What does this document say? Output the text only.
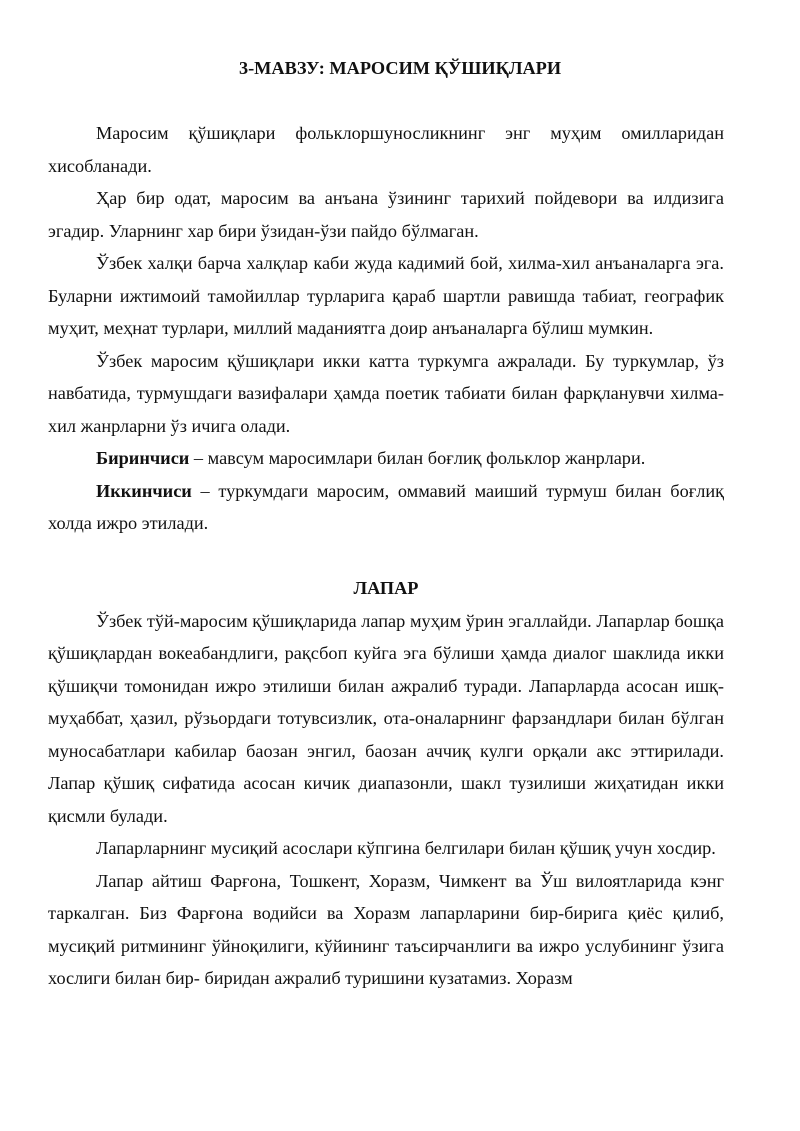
3-МАВЗУ: МАРОСИМ ҚЎШИҚЛАРИ

Маросим қўшиқлари фольклоршуносликнинг энг муҳим омилларидан хисобланади.

Ҳар бир одат, маросим ва анъана ўзининг тарихий пойдевори ва илдизига эгадир. Уларнинг хар бири ўзидан-ўзи пайдо бўлмаган.

Ўзбек халқи барча халқлар каби жуда кадимий бой, хилма-хил анъаналарга эга. Буларни ижтимоий тамойиллар турларига қараб шартли равишда табиат, географик муҳит, меҳнат турлари, миллий маданиятга доир анъаналарга бўлиш мумкин.

Ўзбек маросим қўшиқлари икки катта туркумга ажралади. Бу туркумлар, ўз навбатида, турмушдаги вазифалари ҳамда поетик табиати билан фарқланувчи хилма-хил жанрларни ўз ичига олади.

Биринчиси – мавсум маросимлари билан боғлиқ фольклор жанрлари.

Иккинчиси – туркумдаги маросим, оммавий маиший турмуш билан боғлиқ холда ижро этилади.

ЛАПАР

Ўзбек тўй-маросим қўшиқларида лапар муҳим ўрин эгаллайди. Лапарлар бошқа қўшиқлардан вокеабандлиги, рақсбоп куйга эга бўлиши ҳамда диалог шаклида икки қўшиқчи томонидан ижро этилиши билан ажралиб туради. Лапарларда асосан ишқ-муҳаббат, ҳазил, рўзьордаги тотувсизлик, ота-оналарнинг фарзандлари билан бўлган муносабатлари кабилар баозан энгил, баозан аччиқ кулги орқали акс эттирилади. Лапар қўшиқ сифатида асосан кичик диапазонли, шакл тузилиши жиҳатидан икки қисмли булади.

Лапарларнинг мусиқий асослари кўпгина белгилари билан қўшиқ учун хосдир.

Лапар айтиш Фарғона, Тошкент, Хоразм, Чимкент ва Ўш вилоятларида кэнг таркалган. Биз Фарғона водийси ва Хоразм лапарларини бир-бирига қиёс қилиб, мусиқий ритмининг ўйноқилиги, кўйининг таъсирчанлиги ва ижро услубининг ўзига хослиги билан бир- биридан ажралиб туришини кузатамиз. Хоразм
